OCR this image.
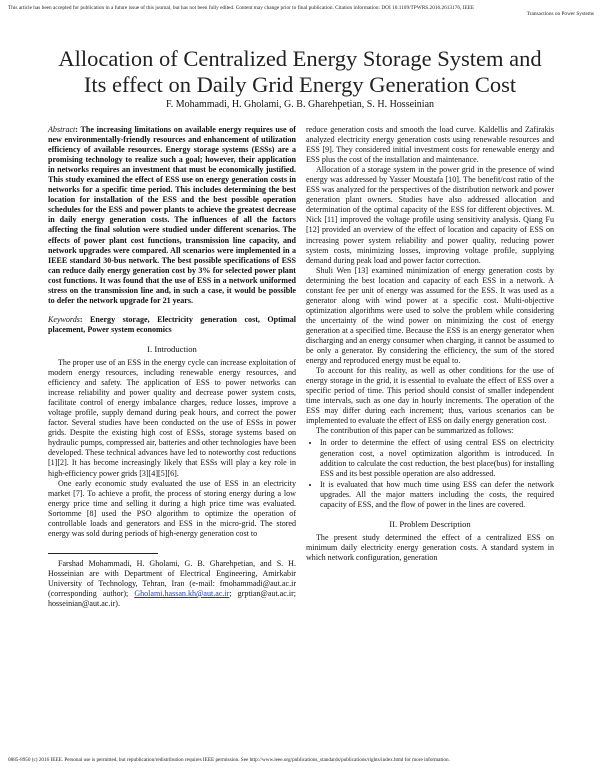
This article has been accepted for publication in a future issue of this journal, but has not been fully edited. Content may change prior to final publication. Citation information: DOI 10.1109/TPWRS.2016.2613176, IEEE
Transactions on Power Systems
Allocation of Centralized Energy Storage System and
Its effect on Daily Grid Energy Generation Cost
F. Mohammadi, H. Gholami, G. B. Gharehpetian, S. H. Hosseinian

Abstract: The increasing limitations on available energy requires use of new environmentally-friendly resources and enhancement of utilization efficiency of available resources. Energy storage systems (ESSs) are a promising technology to realize such a goal; however, their application in networks requires an investment that must be economically justified. This study examined the effect of ESS use on energy generation costs in networks for a specific time period. This includes determining the best location for installation of the ESS and the best possible operation schedules for the ESS and power plants to achieve the greatest decrease in daily energy generation costs. The influences of all the factors affecting the final solution were studied under different scenarios. The effects of power plant cost functions, transmission line capacity, and network upgrades were compared. All scenarios were implemented in a IEEE standard 30-bus network. The best possible specifications of ESS can reduce daily energy generation cost by 3% for selected power plant cost functions. It was found that the use of ESS in a network uniformed stress on the transmission line and, in such a case, it would be possible to defer the network upgrade for 21 years.

Keywords: Energy storage, Electricity generation cost, Optimal placement, Power system economics

I. Introduction

The proper use of an ESS in the energy cycle can increase exploitation of modern energy resources, including renewable energy resources, and efficiency and safety. The application of ESS to power networks can increase reliability and power quality and decrease power system costs, facilitate control of energy imbalance charges, reduce losses, improve a voltage profile, supply demand during peak hours, and correct the power factor. Several studies have been conducted on the use of ESSs in power grids. Despite the existing high cost of ESSs, storage systems based on hydraulic pumps, compressed air, batteries and other technologies have been developed. These technical advances have led to noteworthy cost reductions [1][2]. It has become increasingly likely that ESSs will play a key role in high-efficiency power grids [3][4][5][6].

One early economic study evaluated the use of ESS in an electricity market [7]. To achieve a profit, the process of storing energy during a low energy price time and selling it during a high price time was evaluated. Sortomme [8] used the PSO algorithm to optimize the operation of controllable loads and generators and ESS in the micro-grid. The stored energy was sold during periods of high-energy generation cost to

Farshad Mohammadi, H. Gholami, G. B. Gharehpetian, and S. H. Hosseinian are with Department of Electrical Engineering, Amirkabir University of Technology, Tehran, Iran (e-mail: fmohammadi@aut.ac.ir (corresponding author); Gholami.hassan.kh@aut.ac.ir; grptian@aut.ac.ir; hosseinian@aut.ac.ir).

reduce generation costs and smooth the load curve. Kaldellis and Zafirakis analyzed electricity energy generation costs using renewable resources and ESS [9]. They considered initial investment costs for renewable energy and ESS plus the cost of the installation and maintenance.

Allocation of a storage system in the power grid in the presence of wind energy was addressed by Yasser Moustafa [10]. The benefit/cost ratio of the ESS was analyzed for the perspectives of the distribution network and power generation plant owners. Studies have also addressed allocation and determination of the optimal capacity of the ESS for different objectives. M. Nick [11] improved the voltage profile using sensitivity analysis. Qiang Fu [12] provided an overview of the effect of location and capacity of ESS on increasing power system reliability and power quality, reducing power system costs, minimizing losses, improving voltage profile, supplying demand during peak load and power factor correction.

Shuli Wen [13] examined minimization of energy generation costs by determining the best location and capacity of each ESS in a network. A constant fee per unit of energy was assumed for the ESS. It was used as a generator along with wind power at a specific cost. Multi-objective optimization algorithms were used to solve the problem while considering the uncertainty of the wind power on minimizing the cost of energy generation at a specified time. Because the ESS is an energy generator when discharging and an energy consumer when charging, it cannot be assumed to be only a generator. By considering the efficiency, the sum of the stored energy and reproduced energy must be equal to.

To account for this reality, as well as other conditions for the use of energy storage in the grid, it is essential to evaluate the effect of ESS over a specific period of time. This period should consist of smaller independent time intervals, such as one day in hourly increments. The operation of the ESS may differ during each increment; thus, various scenarios can be implemented to evaluate the effect of ESS on daily energy generation cost.

The contribution of this paper can be summarized as follows:

• In order to determine the effect of using central ESS on electricity generation cost, a novel optimization algorithm is introduced. In addition to calculate the cost reduction, the best place(bus) for installing ESS and its best possible operation are also addressed.
• It is evaluated that how much time using ESS can defer the network upgrades. All the major matters including the costs, the required capacity of ESS, and the flow of power in the lines are covered.
II. Problem Description

The present study determined the effect of a centralized ESS on minimum daily electricity energy generation costs. A standard system in which network configuration, generation

0885-8950 (c) 2016 IEEE. Personal use is permitted, but republication/redistribution requires IEEE permission. See http://www.ieee.org/publications_standards/publications/rights/index.html for more information.
